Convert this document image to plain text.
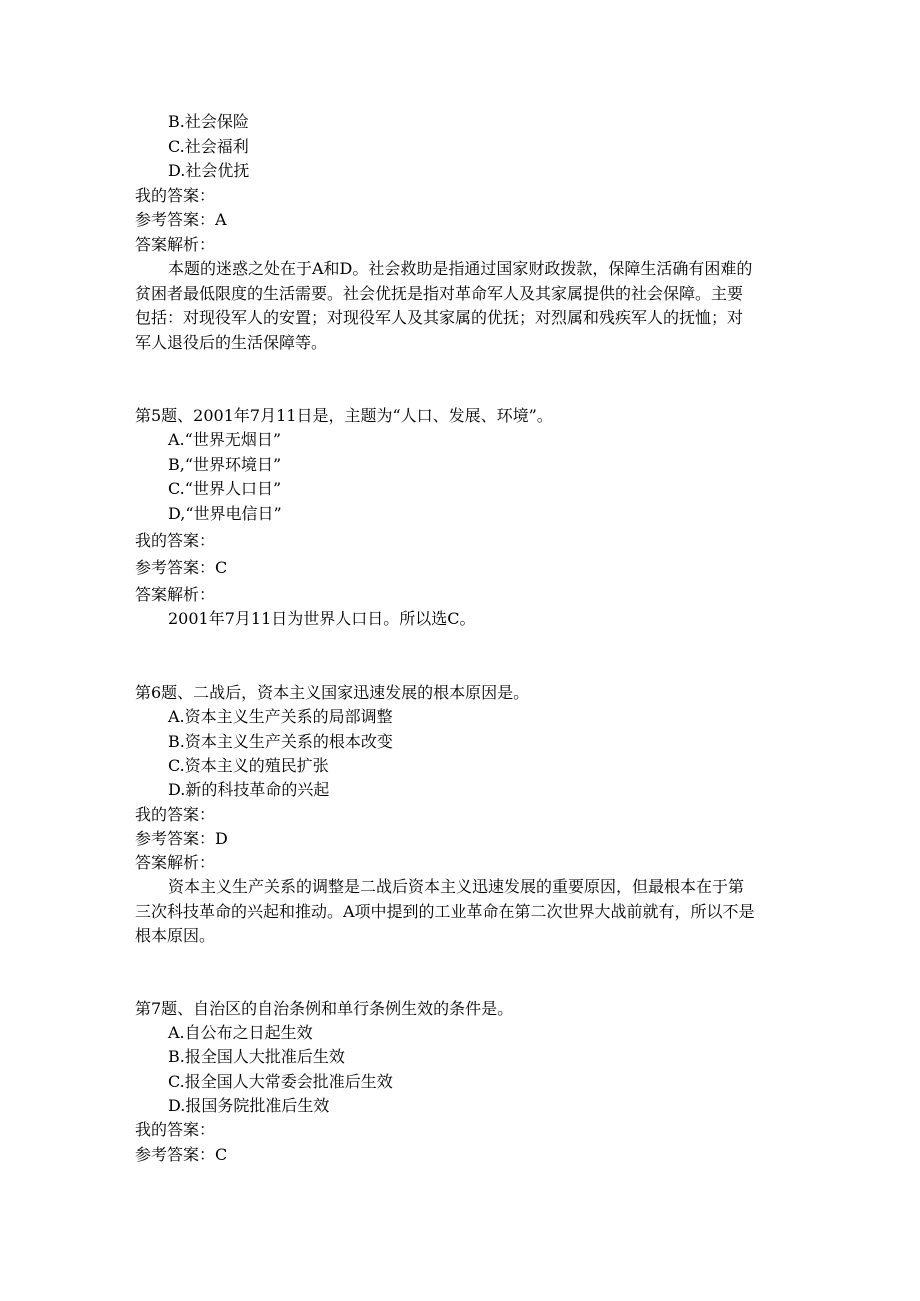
B.社会保险
C.社会福利
D.社会优抚
我的答案：
参考答案：A
答案解析：
本题的迷惑之处在于A和D。社会救助是指通过国家财政拨款，保障生活确有困难的
贫困者最低限度的生活需要。社会优抚是指对革命军人及其家属提供的社会保障。主要
包括：对现役军人的安置；对现役军人及其家属的优抚；对烈属和残疾军人的抚恤；对
军人退役后的生活保障等。
第5题、2001年7月11日是，主题为“人口、发展、环境”。
A.“世界无烟日”
B,“世界环境日”
C.“世界人口日”
D,“世界电信日”
我的答案：
参考答案：C
答案解析：
2001年7月11日为世界人口日。所以选C。
第6题、二战后，资本主义国家迅速发展的根本原因是。
A.资本主义生产关系的局部调整
B.资本主义生产关系的根本改变
C.资本主义的殖民扩张
D.新的科技革命的兴起
我的答案：
参考答案：D
答案解析：
资本主义生产关系的调整是二战后资本主义迅速发展的重要原因，但最根本在于第
三次科技革命的兴起和推动。A项中提到的工业革命在第二次世界大战前就有，所以不是
根本原因。
第7题、自治区的自治条例和单行条例生效的条件是。
A.自公布之日起生效
B.报全国人大批准后生效
C.报全国人大常委会批准后生效
D.报国务院批准后生效
我的答案：
参考答案：C
